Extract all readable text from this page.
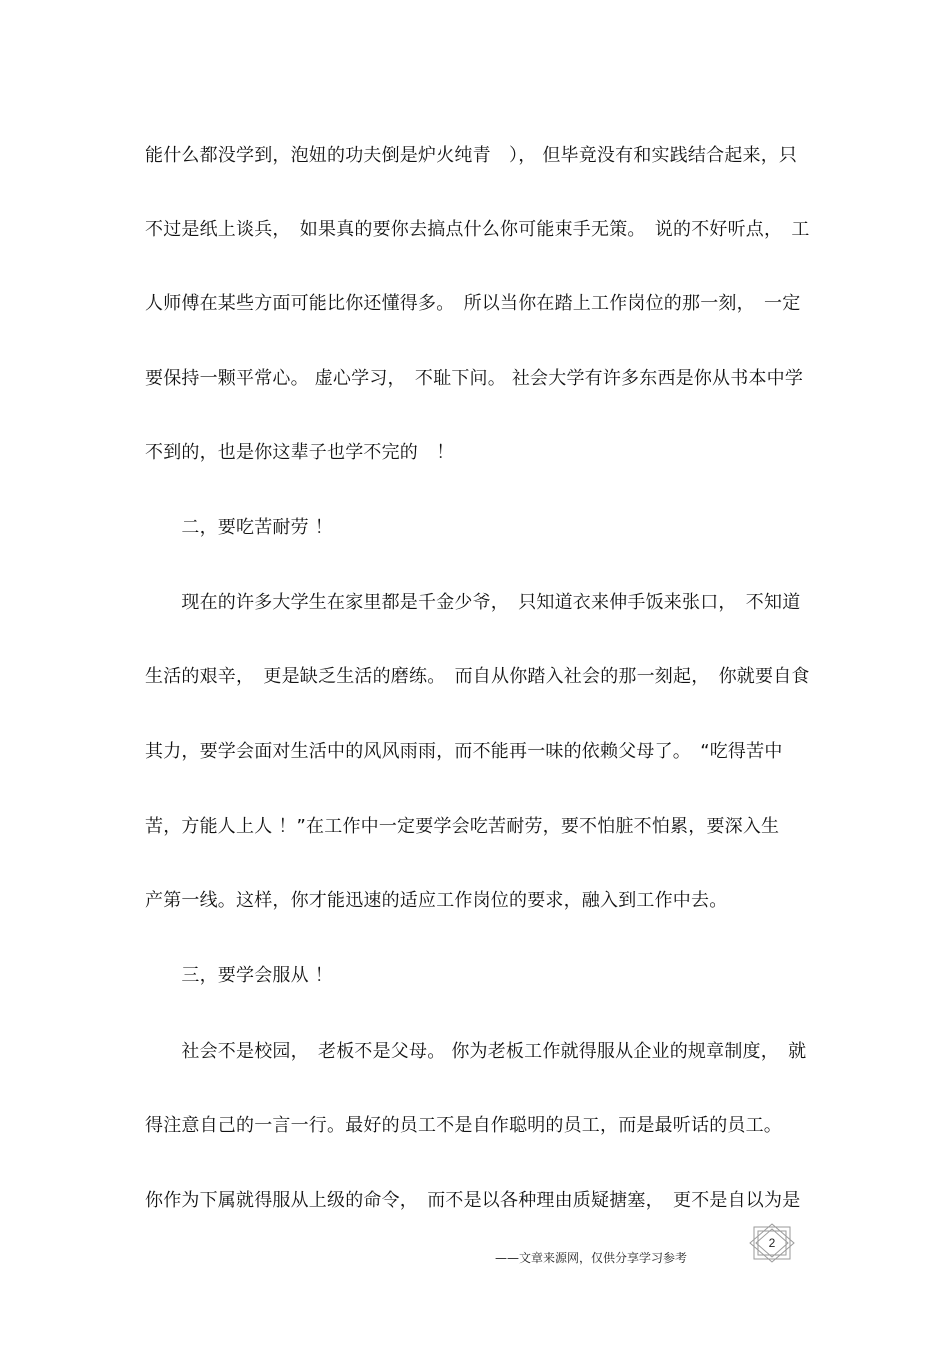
能什么都没学到，泡妞的功夫倒是炉火纯青　）， 但毕竟没有和实践结合起来，只
不过是纸上谈兵，　如果真的要你去搞点什么你可能束手无策。　说的不好听点，　工
人师傅在某些方面可能比你还懂得多。　所以当你在踏上工作岗位的那一刻，　一定
要保持一颗平常心。 虚心学习，　不耻下问。 社会大学有许多东西是你从书本中学
不到的，也是你这辈子也学不完的　！
　　二，要吃苦耐劳 ！
　　现在的许多大学生在家里都是千金少爷，　只知道衣来伸手饭来张口，　不知道
生活的艰辛，　更是缺乏生活的磨练。　而自从你踏入社会的那一刻起，　你就要自食
其力，要学会面对生活中的风风雨雨，而不能再一味的依赖父母了。　“吃得苦中
苦，方能人上人 ！”在工作中一定要学会吃苦耐劳，要不怕脏不怕累，要深入生
产第一线。这样，你才能迅速的适应工作岗位的要求，融入到工作中去。
　　三，要学会服从 ！
　　社会不是校园，　老板不是父母。 你为老板工作就得服从企业的规章制度，　就
得注意自己的一言一行。最好的员工不是自作聪明的员工，而是最听话的员工。
你作为下属就得服从上级的命令，　而不是以各种理由质疑搪塞，　更不是自以为是
——文章来源网，仅供分享学习参考
2
